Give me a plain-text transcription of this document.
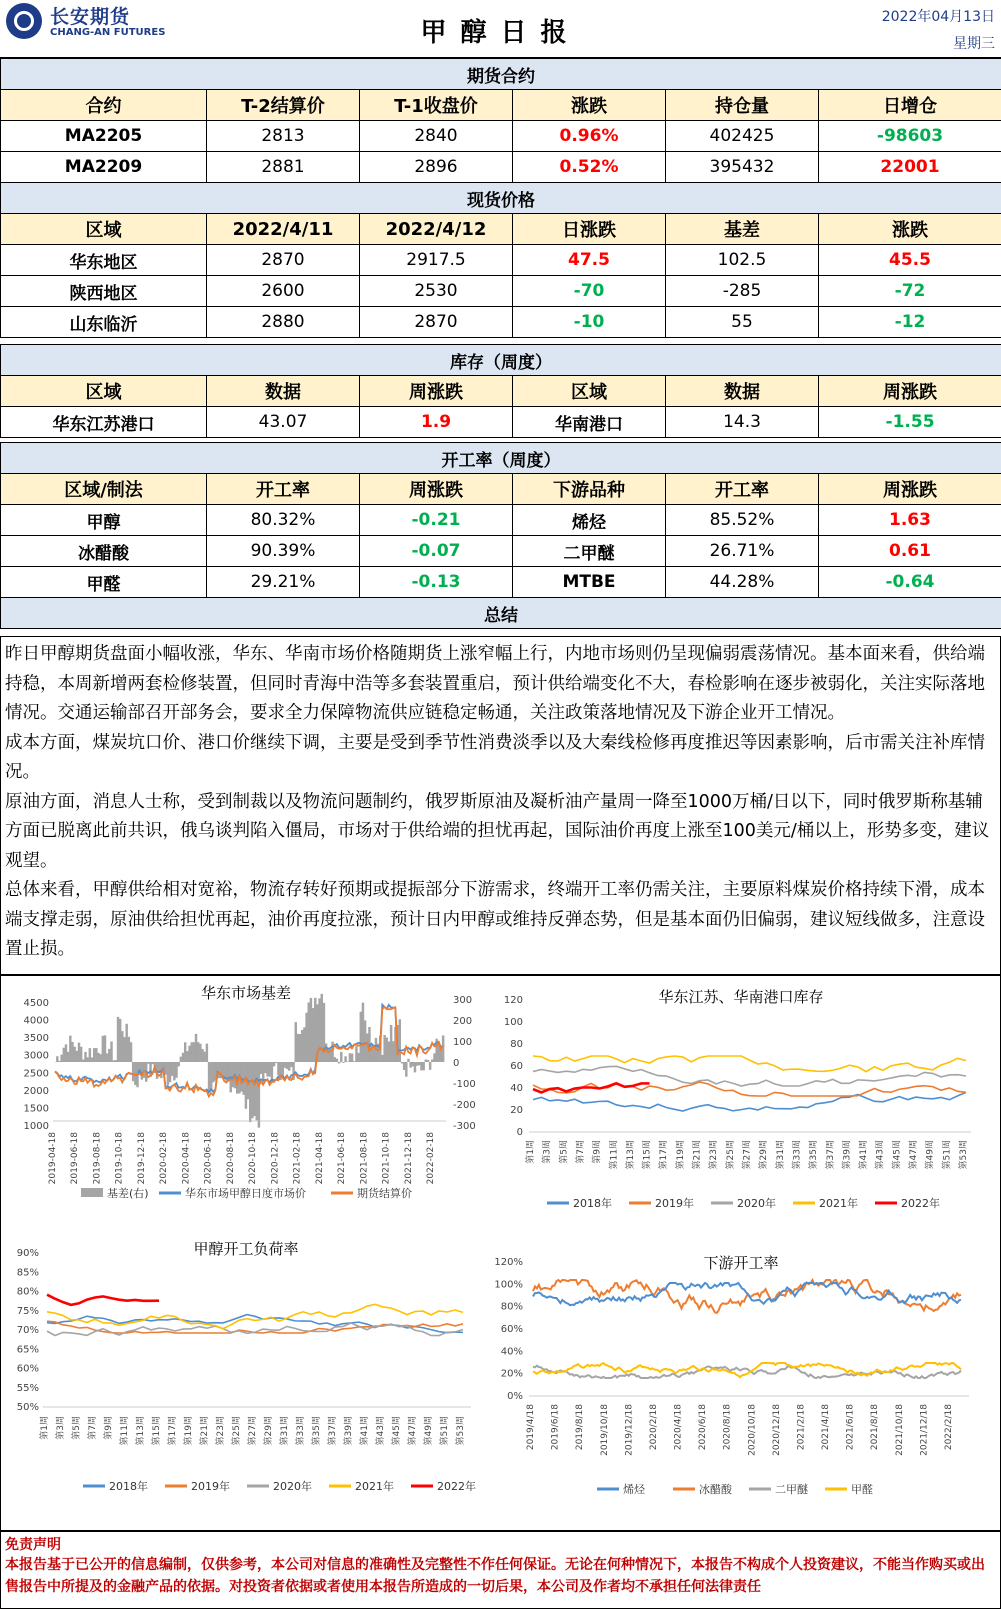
长安期货
CHANG-AN FUTURES	甲醇日报
2022年04月13日
星期三
期货合约					
合约	T-2结算价	T-1收盘价	涨跌	持仓量	日增仓
MA2205	2813	2840	0.96%	402425	-98603
MA2209	2881	2896	0.52%	395432	22001
现货价格					
区域	2022/4/11	2022/4/12	日涨跌	基差	涨跌
华东地区	2870	2917.5	47.5	102.5	45.5
陕西地区	2600	2530	-70	-285	-72
山东临沂	2880	2870	-10	55	-12
库存（周度）					
区域	数据	周涨跌	区域	数据	周涨跌
华东江苏港口	43.07	1.9	华南港口	14.3	-1.55
开工率（周度）					
区域/制法	开工率	周涨跌	下游品种	开工率	周涨跌
甲醇	80.32%	-0.21	烯烃	85.52%	1.63
冰醋酸	90.39%	-0.07	二甲醚	26.71%	0.61
甲醛	29.21%	-0.13	MTBE	44.28%	-0.64
总结					

昨日甲醇期货盘面小幅收涨，华东、华南市场价格随期货上涨窄幅上行，内地市场则仍呈现偏弱震荡情况。基本面来看，供给端持稳，本周新增两套检修装置，但同时青海中浩等多套装置重启，预计供给端变化不大，春检影响在逐步被弱化，关注实际落地情况。交通运输部召开部务会，要求全力保障物流供应链稳定畅通，关注政策落地情况及下游企业开工情况。

成本方面，煤炭坑口价、港口价继续下调，主要是受到季节性消费淡季以及大秦线检修再度推迟等因素影响，后市需关注补库情况。

原油方面，消息人士称，受到制裁以及物流问题制约，俄罗斯原油及凝析油产量周一降至1000万桶/日以下，同时俄罗斯称基辅方面已脱离此前共识，俄乌谈判陷入僵局，市场对于供给端的担忧再起，国际油价再度上涨至100美元/桶以上，形势多变，建议观望。

总体来看，甲醇供给相对宽裕，物流存转好预期或提振部分下游需求，终端开工率仍需关注，主要原料煤炭价格持续下滑，成本端支撑走弱，原油供给担忧再起，油价再度拉涨，预计日内甲醇或维持反弹态势，但是基本面仍旧偏弱，建议短线做多，注意设置止损。

华东市场基差
4500
4000
3500
3000
2500
2000
1500
1000
300
200
100
0
-100
-200
-300
2019-04-18 2019-06-18 2019-08-18 2019-10-18 2019-12-18 2020-02-18 2020-04-18 2020-06-18 2020-08-18 2020-10-18 2020-12-18 2021-02-18 2021-04-18 2021-06-18 2021-08-18 2021-10-18 2021-12-18 2022-02-18
基差(右)	华东市场甲醇日度市场价	期货结算价
华东江苏、华南港口库存
120
100
80
60
40
20
0
第1周 第3周 第5周 第7周 第9周 第11周 第13周 第15周 第17周 第19周 第21周 第23周 第25周 第27周 第29周 第31周 第33周 第35周 第37周 第39周 第41周 第43周 第45周 第47周 第49周 第51周 第53周
2018年	2019年	2020年	2021年	2022年
甲醇开工负荷率
90%
85%
80%
75%
70%
65%
60%
55%
50%
第1周 第3周 第5周 第7周 第9周 第11周 第13周 第15周 第17周 第19周 第21周 第23周 第25周 第27周 第29周 第31周 第33周 第35周 第37周 第39周 第41周 第43周 第45周 第47周 第49周 第51周 第53周
2018年	2019年	2020年	2021年	2022年
下游开工率
120%
100%
80%
60%
40%
20%
0%
2019/4/18 2019/6/18 2019/8/18 2019/10/18 2019/12/18 2020/2/18 2020/4/18 2020/6/18 2020/8/18 2020/10/18 2020/12/18 2021/2/18 2021/4/18 2021/6/18 2021/8/18 2021/10/18 2021/12/18 2022/2/18
烯烃	冰醋酸	二甲醚	甲醛
免责声明
本报告基于已公开的信息编制，仅供参考，本公司对信息的准确性及完整性不作任何保证。无论在何种情况下，本报告不构成个人投资建议，不能当作购买或出售报告中所提及的金融产品的依据。对投资者依据或者使用本报告所造成的一切后果，本公司及作者均不承担任何法律责任
